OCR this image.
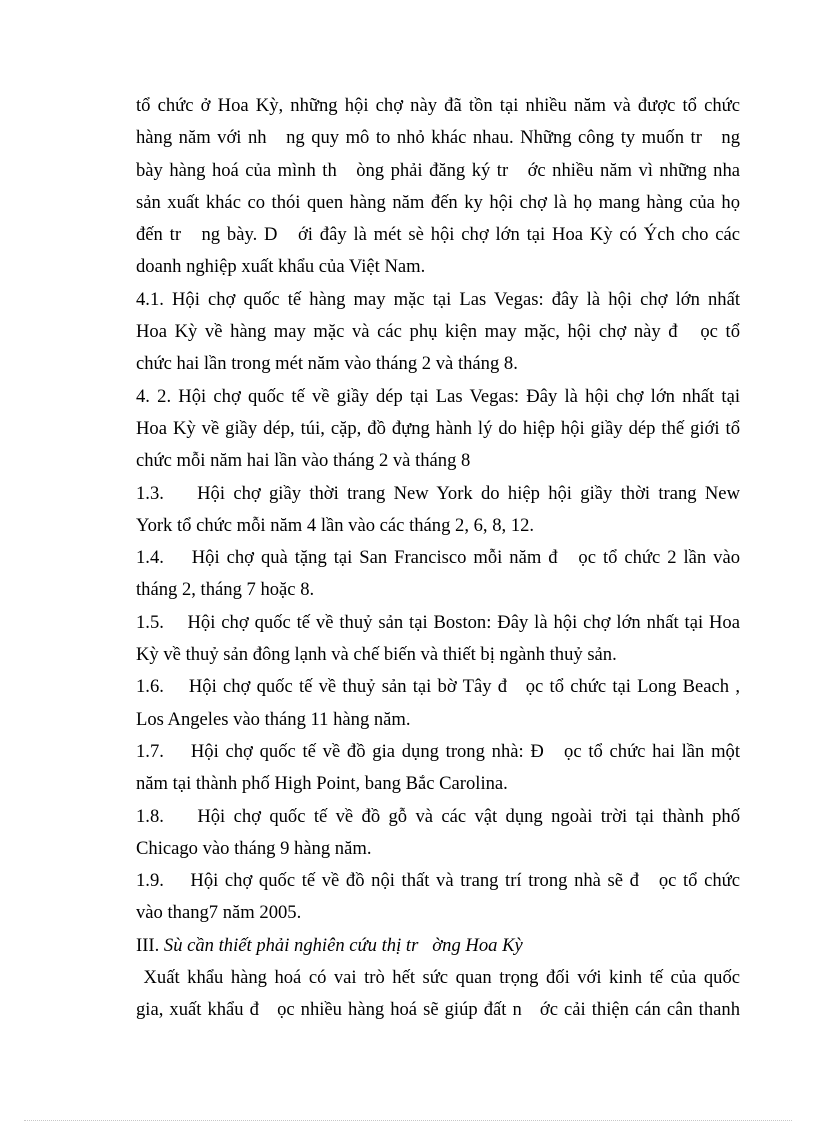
tổ chức ở Hoa Kỳ, những hội chợ này đã tồn tại nhiều năm và được tổ chức
hàng năm với nh   ng quy mô to nhỏ khác nhau. Những công ty muốn tr   ng
bày hàng hoá của mình th   òng phải đăng ký tr   ớc nhiều năm vì những nha
sản xuất khác co thói quen hàng năm đến ky hội chợ là họ mang hàng của họ
đến tr   ng bày. D   ới đây là mét sè hội chợ lớn tại Hoa Kỳ có Ých cho các
doanh nghiệp xuất khẩu của Việt Nam.
4.1. Hội chợ quốc tế hàng may mặc tại Las Vegas: đây là hội chợ lớn nhất
Hoa Kỳ về hàng may mặc và các phụ kiện may mặc, hội chợ này đ   ọc tổ
chức hai lần trong mét năm vào tháng 2 và tháng 8.
4. 2. Hội chợ quốc tế về giầy dép tại Las Vegas: Đây là hội chợ lớn nhất tại
Hoa Kỳ về giầy dép, túi, cặp, đồ đựng hành lý do hiệp hội giầy dép thế giới tổ
chức mỗi năm hai lần vào tháng 2 và tháng 8
1.3.    Hội chợ giầy thời trang New York do hiệp hội giầy thời trang New
York tổ chức mỗi năm 4 lần vào các tháng 2, 6, 8, 12.
1.4.    Hội chợ quà tặng tại San Francisco mỗi năm đ   ọc tổ chức 2 lần vào
tháng 2, tháng 7 hoặc 8.
1.5.    Hội chợ quốc tế về thuỷ sản tại Boston: Đây là hội chợ lớn nhất tại Hoa
Kỳ về thuỷ sản đông lạnh và chế biến và thiết bị ngành thuỷ sản.
1.6.    Hội chợ quốc tế về thuỷ sản tại bờ Tây đ   ọc tổ chức tại Long Beach ,
Los Angeles vào tháng 11 hàng năm.
1.7.    Hội chợ quốc tế về đồ gia dụng trong nhà: Đ   ọc tổ chức hai lần một
năm tại thành phố High Point, bang Bắc Carolina.
1.8.    Hội chợ quốc tế về đồ gỗ và các vật dụng ngoài trời tại thành phố
Chicago vào tháng 9 hàng năm.
1.9.    Hội chợ quốc tế về đồ nội thất và trang trí trong nhà sẽ đ   ọc tổ chức
vào thang7 năm 2005.
III. Sù cần thiết phải nghiên cứu thị tr   ờng Hoa Kỳ
Xuất khẩu hàng hoá có vai trò hết sức quan trọng đối với kinh tế của quốc
gia, xuất khẩu đ   ọc nhiều hàng hoá sẽ giúp đất n   ớc cải thiện cán cân thanh
